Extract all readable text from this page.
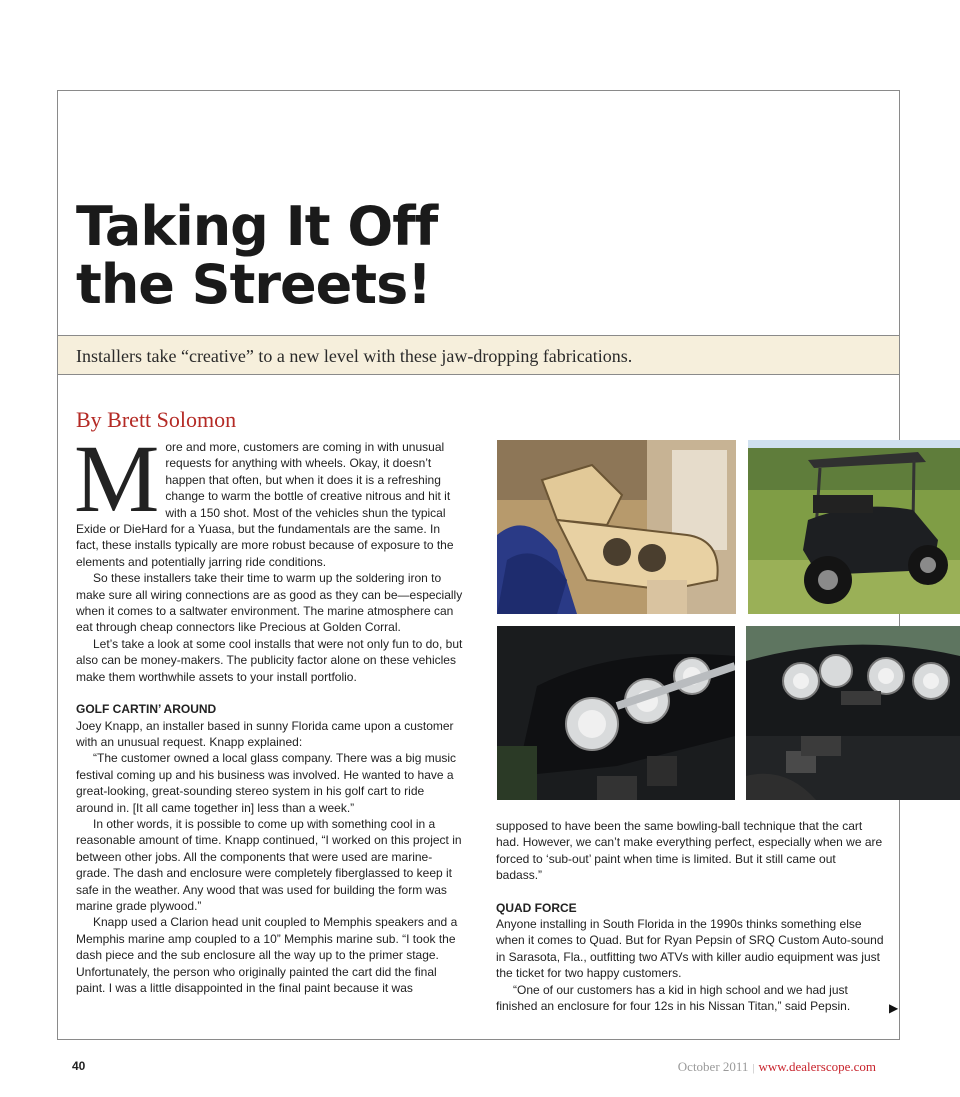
Taking It Off
the Streets!
Installers take “creative” to a new level with these jaw-dropping fabrications.
By Brett Solomon

More and more, customers are coming in with unusual requests for anything with wheels. Okay, it doesn’t happen that often, but when it does it is a refreshing change to warm the bottle of creative nitrous and hit it with a 150 shot. Most of the vehicles shun the typical Exide or DieHard for a Yuasa, but the fundamentals are the same. In fact, these installs typically are more robust because of exposure to the elements and potentially jarring ride conditions.

So these installers take their time to warm up the soldering iron to make sure all wiring connections are as good as they can be—especially when it comes to a saltwater environment. The marine atmosphere can eat through cheap connectors like Precious at Golden Corral.

Let’s take a look at some cool installs that were not only fun to do, but also can be money-makers. The publicity factor alone on these vehicles make them worthwhile assets to your install portfolio.

GOLF CARTIN’ AROUND

Joey Knapp, an installer based in sunny Florida came upon a customer with an unusual request. Knapp explained:

“The customer owned a local glass company. There was a big music festival coming up and his business was involved. He wanted to have a great-looking, great-sounding stereo system in his golf cart to ride around in. [It all came together in] less than a week.”

In other words, it is possible to come up with something cool in a reasonable amount of time. Knapp continued, “I worked on this project in between other jobs. All the components that were used are marine-grade. The dash and enclosure were completely fiberglassed to keep it safe in the weather. Any wood that was used for building the form was marine grade plywood.”

Knapp used a Clarion head unit coupled to Memphis speakers and a Memphis marine amp coupled to a 10” Memphis marine sub. “I took the dash piece and the sub enclosure all the way up to the primer stage. Unfortunately, the person who originally painted the cart did the final paint. I was a little disappointed in the final paint because it was

supposed to have been the same bowling-ball technique that the cart had. However, we can’t make everything perfect, especially when we are forced to ‘sub-out’ paint when time is limited. But it still came out badass.”

QUAD FORCE

Anyone installing in South Florida in the 1990s thinks something else when it comes to Quad. But for Ryan Pepsin of SRQ Custom Auto-sound in Sarasota, Fla., outfitting two ATVs with killer audio equipment was just the ticket for two happy customers.

“One of our customers has a kid in high school and we had just finished an enclosure for four 12s in his Nissan Titan,” said Pepsin.	▶
40	October 2011 | www.dealerscope.com
